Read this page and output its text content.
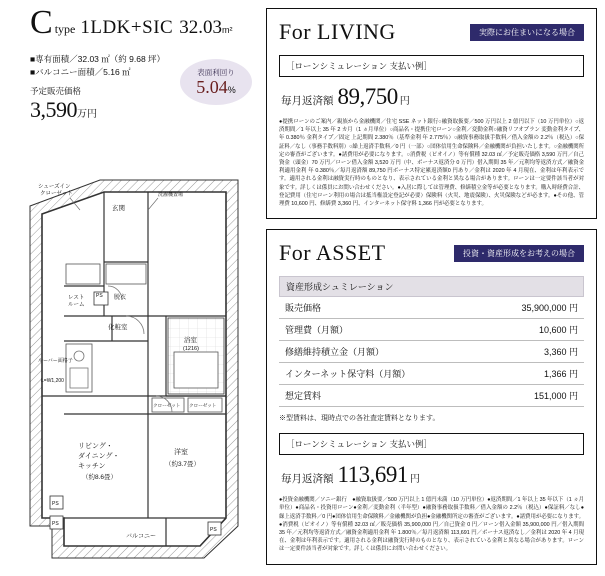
C type 1LDK+SIC 32.03 m²
■専有面積／32.03 ㎡（約 9.68 坪）
■バルコニー面積／5.16 ㎡
予定販売価格
3,590万円
表面利回り
5.04%
シューズイン
クローゼット
玄関
洗濯機置場
PS
PS
PS
PS
レスト
ルーム
脱衣
化粧室
浴室
(1216)
クローゼット クローゼット
ルーバー面格子
L=W1,200
リビング・
ダイニング・
キッチン
（約8.6畳）
洋室
（約3.7畳）
バルコニー
For LIVING	実際にお住まいになる場合
［ローンシミュレーション 支払い例］
毎月返済額 89,750 円
●提携ローンのご案内／親族から金融機関／住宅 SSE ネット銀行○融資取扱要／500 万円以上 2 億円以下（10 万円単位）○返済期間／1 年以上 35 年 2 カ月（1 ヵ月単位）○商品名・提携住宅ローン○金利／変動金利○融資リフオプラン 変動金利タイプ、年 0.380％ 金利タイプ／固定 上記期間 2.380％（基準金利 年 2.775％）○融資事務取扱手数料／借入金額の 2.2％（税込）○保証料／なし（事務手数料別）○繰上返済手数料／0 円（一部）○団体信用生命保険料／金融機関が負担いたします。○金融機関所定の審査がございます。●諸費用が必要になります。○消費税（ピオイノ）等有償種 32.03 ㎡／予定販売価格 3,590 万円／自己資金（頭金）70 万円／ローン借入金額 3,520 万円（中、ボーナス返済分 0 万円）借入期間 35 年／元利均等返済方式／融資金利適用金利 年 0.380％／毎月返済額 89,750 円ボーナス特定累返済額0 円あり／金利は 2020 年 4 月現在、金利は年利表示です。適用される金利は融資実行時のものとなり、表示されている金利と異なる場合があります。ローンは一定要件該当者が対象です。詳しくは係員にお問い合わせください。●入居に際しては管理費、修繕積立金等が必要となります。購入時経費合計、登記費用（住宅ローン利用の場合は抵当権設定登記が必要）保険料（火災、地震保険）、火災保険などが必ます。●その他、管理費 10,600 円、修繕費 3,360 円、インターネット保守料 1,366 円が必要となります。
For ASSET	投資・資産形成をお考えの場合
資産形成シュミレーション
販売価格	35,900,000 円
管理費（月額）	10,600 円
修繕維持積立金（月額）	3,360 円
インターネット保守料（月額）	1,366 円
想定賃料	151,000 円
※型賃料は、現時点での各社査定賃料となります。
［ローンシミュレーション 支払い例］
毎月返済額 113,691 円
●投資金融機関／ソニー銀行　●融資取扱要／500 万円以上 1 億円未満（10 万円単位）●返済期間／1 年以上 35 年以下（1 ヵ月単位）●商品名・投資用ローン●金利／変動金利（半年型）●融資事務取扱手数料／借入金額の 2.2％（税込）●保証料／なし●繰上返済手数料／0 円●団体信用生命保険料／金融機関が負担●金融機関所定の審査がございます。●諸費用が必要になります。●消費税（ピオイノ）等有償種 32.03 ㎡／販売価格 35,900,000 円／自己資金 0 円／ローン借入金額 35,900,000 円／借入期間 35 年／元利均等返済方式／融資金利適用金利 年 1.800％／毎月返済額 113,691 円／ボーナス返済なし／金利は 2020 年 4 月現在、金利は年利表示です。適用される金利は融資実行時のものとなり、表示されている金利と異なる場合があります。ローンは一定要件該当者が対象です。詳しくは係員にお問い合わせください。
